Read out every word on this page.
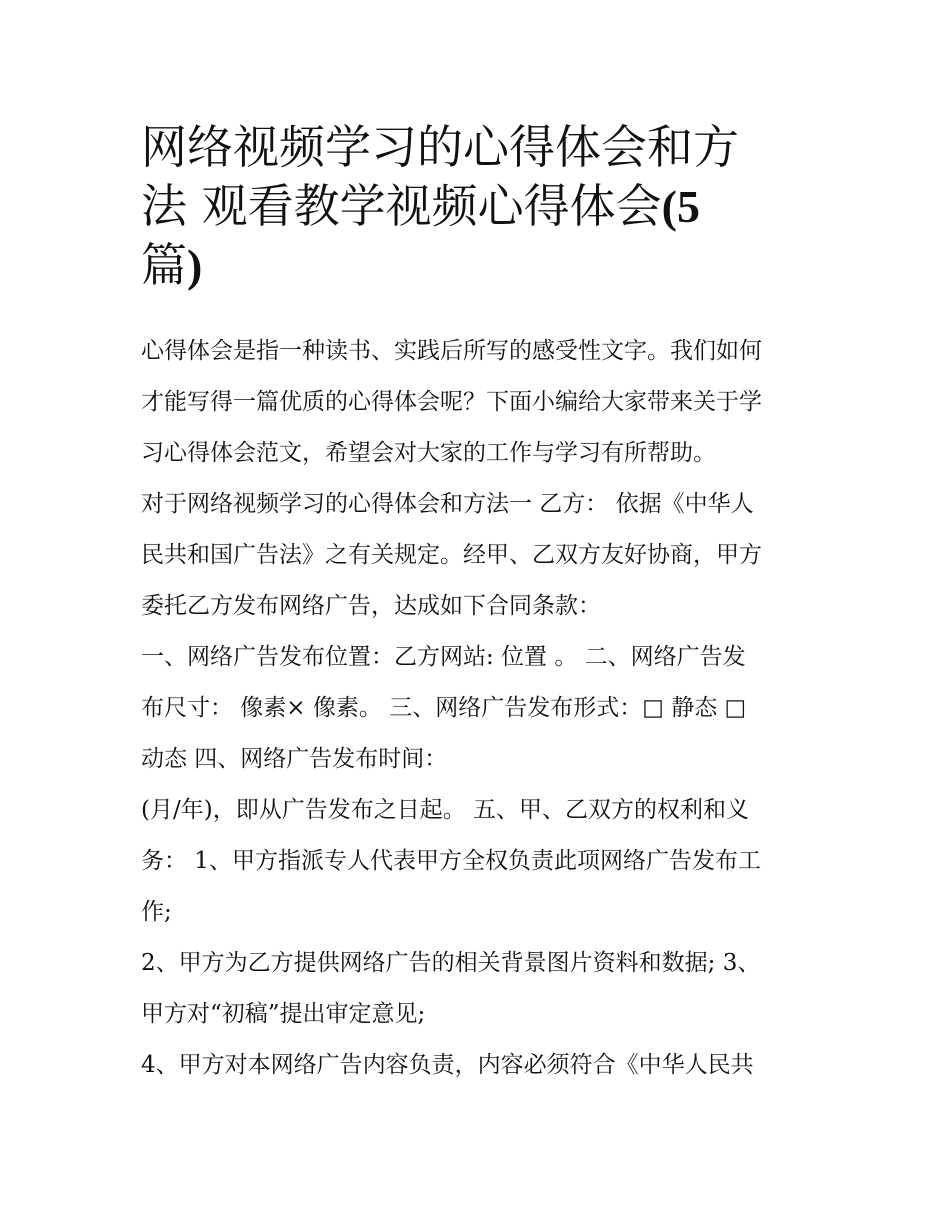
网络视频学习的心得体会和方
法 观看教学视频心得体会(5
篇)

心得体会是指一种读书、实践后所写的感受性文字。我们如何
才能写得一篇优质的心得体会呢？下面小编给大家带来关于学
习心得体会范文，希望会对大家的工作与学习有所帮助。

对于网络视频学习的心得体会和方法一 乙方： 依据《中华人
民共和国广告法》之有关规定。经甲、乙双方友好协商，甲方
委托乙方发布网络广告，达成如下合同条款：

一、网络广告发布位置：乙方网站: 位置 。 二、网络广告发
布尺寸： 像素× 像素。 三、网络广告发布形式：□ 静态 □
动态 四、网络广告发布时间：

(月/年)，即从广告发布之日起。 五、甲、乙双方的权利和义
务： 1、甲方指派专人代表甲方全权负责此项网络广告发布工
作;

2、甲方为乙方提供网络广告的相关背景图片资料和数据; 3、
甲方对“初稿”提出审定意见;

4、甲方对本网络广告内容负责，内容必须符合《中华人民共
